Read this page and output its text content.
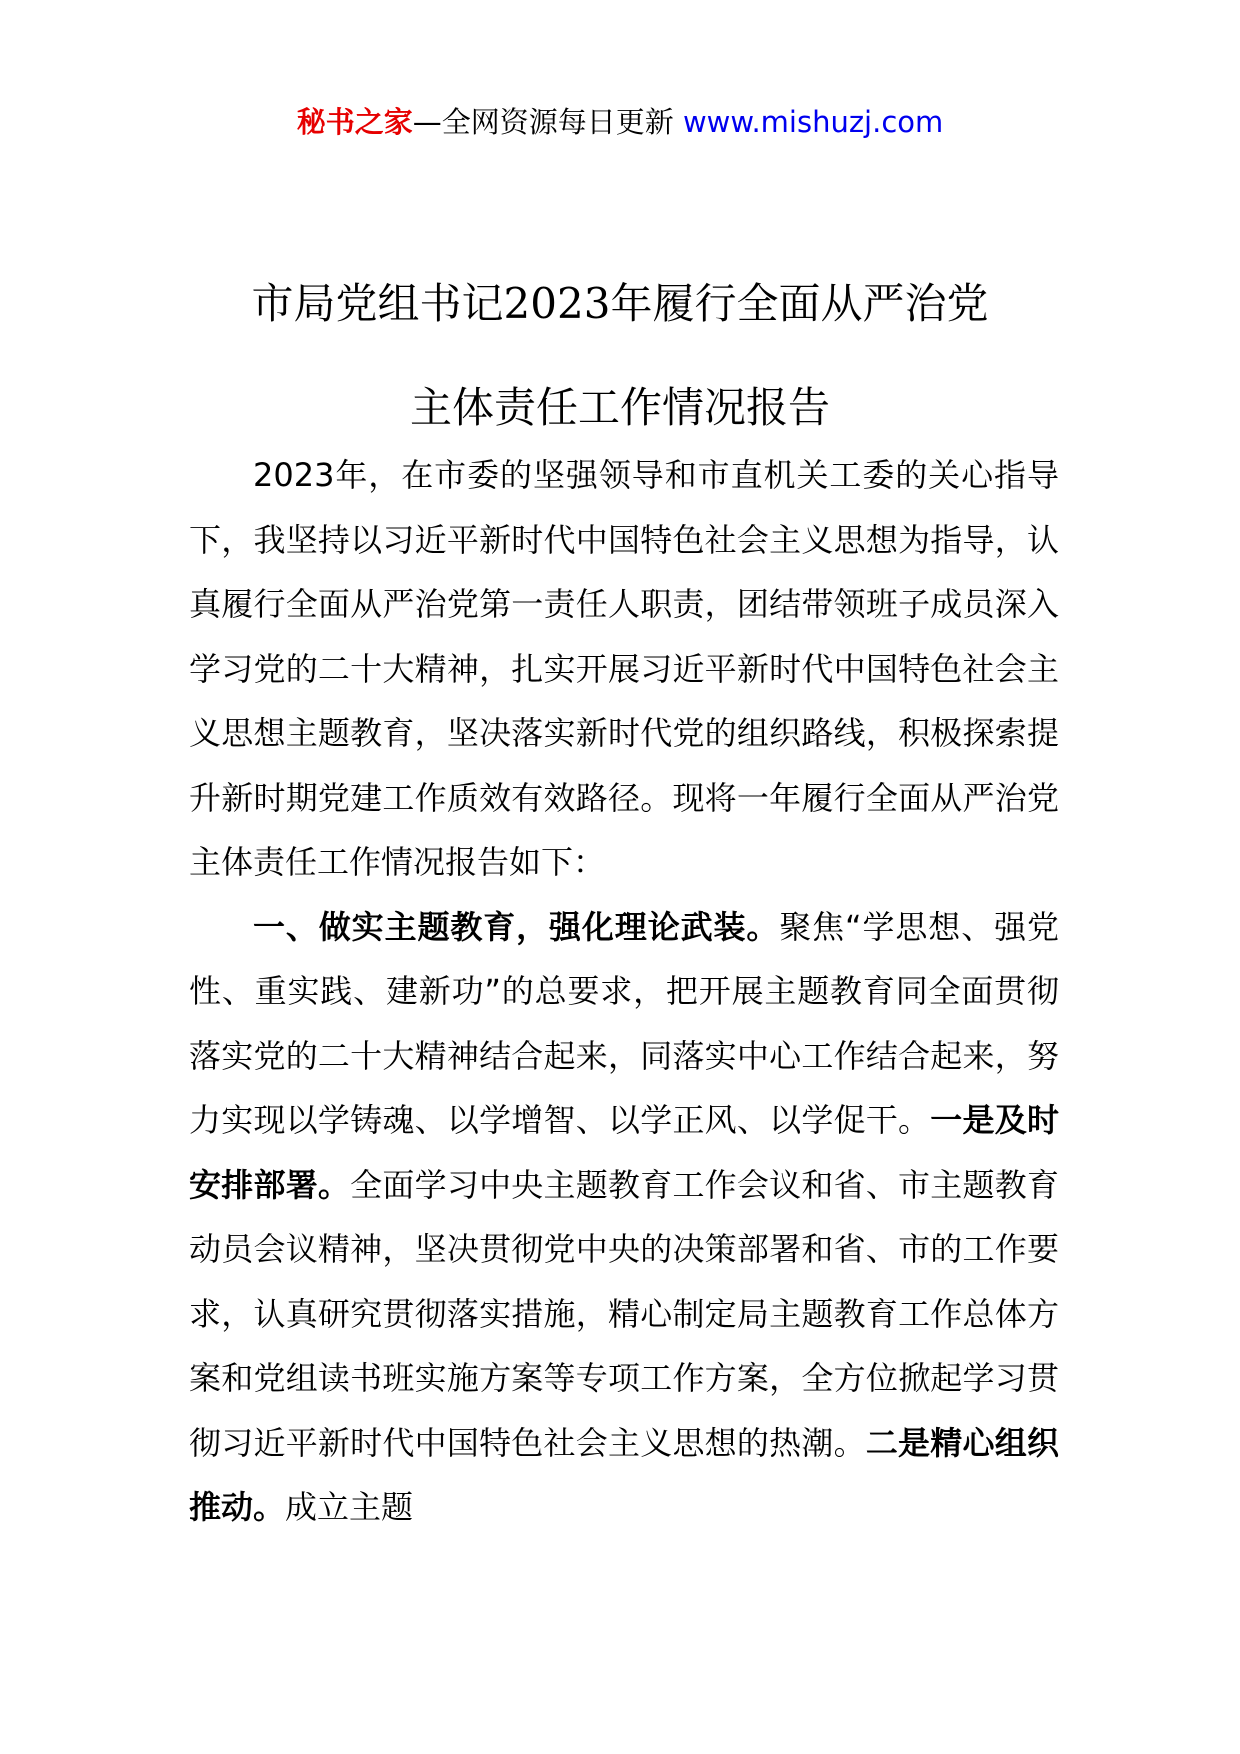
秘书之家—全网资源每日更新 www.mishuzj.com
市局党组书记2023年履行全面从严治党
主体责任工作情况报告

2023年，在市委的坚强领导和市直机关工委的关心指导下，我坚持以习近平新时代中国特色社会主义思想为指导，认真履行全面从严治党第一责任人职责，团结带领班子成员深入学习党的二十大精神，扎实开展习近平新时代中国特色社会主义思想主题教育，坚决落实新时代党的组织路线，积极探索提升新时期党建工作质效有效路径。现将一年履行全面从严治党主体责任工作情况报告如下：

一、做实主题教育，强化理论武装。聚焦“学思想、强党性、重实践、建新功”的总要求，把开展主题教育同全面贯彻落实党的二十大精神结合起来，同落实中心工作结合起来，努力实现以学铸魂、以学增智、以学正风、以学促干。一是及时安排部署。全面学习中央主题教育工作会议和省、市主题教育动员会议精神，坚决贯彻党中央的决策部署和省、市的工作要求，认真研究贯彻落实措施，精心制定局主题教育工作总体方案和党组读书班实施方案等专项工作方案，全方位掀起学习贯彻习近平新时代中国特色社会主义思想的热潮。二是精心组织推动。成立主题
